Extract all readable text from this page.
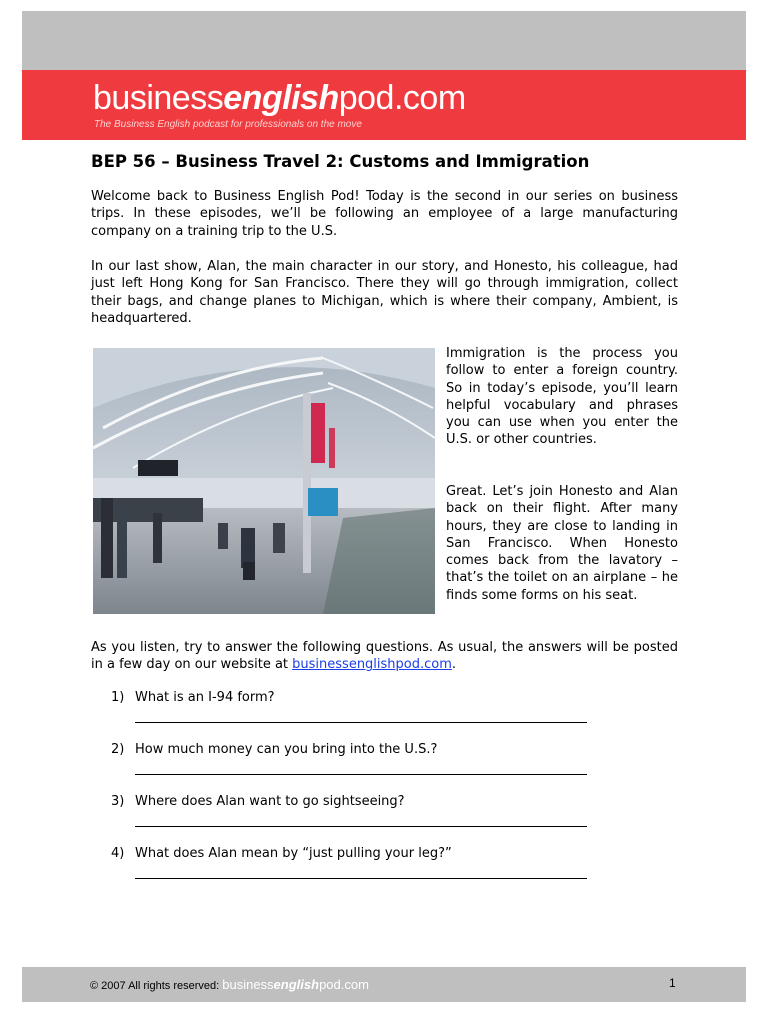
businessenglishpod.com
The Business English podcast for professionals on the move
BEP 56 – Business Travel 2: Customs and Immigration

Welcome back to Business English Pod! Today is the second in our series on business trips. In these episodes, we’ll be following an employee of a large manufacturing company on a training trip to the U.S.

In our last show, Alan, the main character in our story, and Honesto, his colleague, had just left Hong Kong for San Francisco. There they will go through immigration, collect their bags, and change planes to Michigan, which is where their company, Ambient, is headquartered.

Immigration is the process you follow to enter a foreign country. So in today’s episode, you’ll learn helpful vocabulary and phrases you can use when you enter the U.S. or other countries.

Great. Let’s join Honesto and Alan back on their flight. After many hours, they are close to landing in San Francisco. When Honesto comes back from the lavatory – that’s the toilet on an airplane – he finds some forms on his seat.

As you listen, try to answer the following questions. As usual, the answers will be posted in a few day on our website at businessenglishpod.com.

1) What is an I-94 form?
2) How much money can you bring into the U.S.?
3) Where does Alan want to go sightseeing?
4) What does Alan mean by “just pulling your leg?”
© 2007 All rights reserved: businessenglishpod.com	1
